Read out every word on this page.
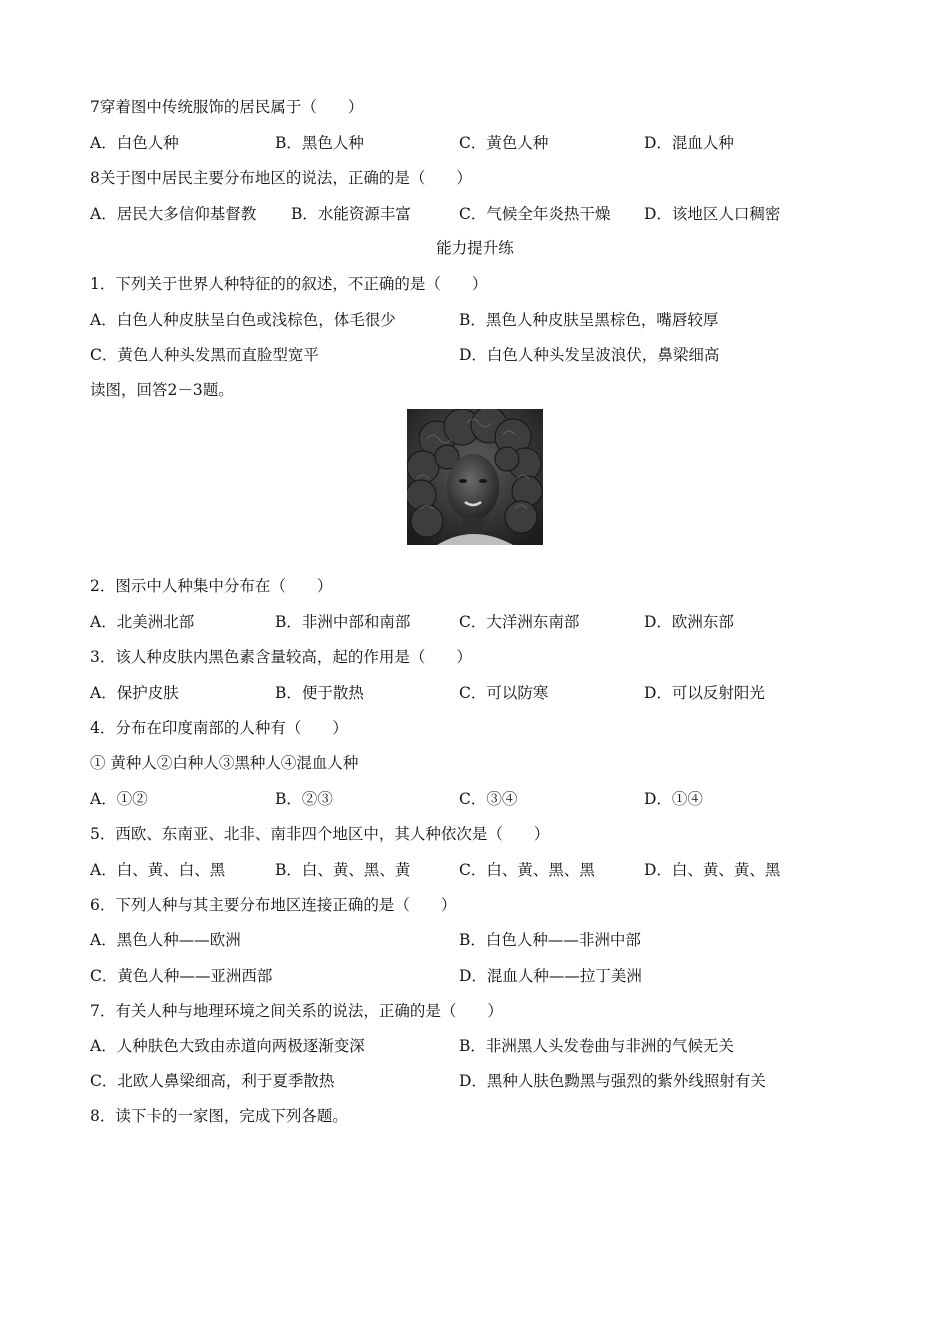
7穿着图中传统服饰的居民属于（　　）
A．白色人种	B．黑色人种	C．黄色人种	D．混血人种
8关于图中居民主要分布地区的说法，正确的是（　　）
A．居民大多信仰基督教 B．水能资源丰富	C．气候全年炎热干燥 D．该地区人口稠密
能力提升练
1．下列关于世界人种特征的的叙述，不正确的是（　　）
A．白色人种皮肤呈白色或浅棕色，体毛很少	B．黑色人种皮肤呈黑棕色，嘴唇较厚
C．黄色人种头发黑而直脸型宽平	D．白色人种头发呈波浪伏，鼻梁细高
读图，回答2－3题。
2．图示中人种集中分布在（　　）
A．北美洲北部	B．非洲中部和南部	C．大洋洲东南部	D．欧洲东部
3．该人种皮肤内黑色素含量较高，起的作用是（　　）
A．保护皮肤	B．便于散热	C．可以防寒	D．可以反射阳光
4．分布在印度南部的人种有（　　）
① 黄种人②白种人③黑种人④混血人种
A．①②	B．②③	C．③④	D．①④
5．西欧、东南亚、北非、南非四个地区中，其人种依次是（　　）
A．白、黄、白、黑	B．白、黄、黑、黄	C．白、黄、黑、黑	D．白、黄、黄、黑
6．下列人种与其主要分布地区连接正确的是（　　）
A．黑色人种——欧洲	B．白色人种——非洲中部
C．黄色人种——亚洲西部	D．混血人种——拉丁美洲
7．有关人种与地理环境之间关系的说法，正确的是（　　）
A．人种肤色大致由赤道向两极逐渐变深	B．非洲黑人头发卷曲与非洲的气候无关
C．北欧人鼻梁细高，利于夏季散热	D．黑种人肤色黝黑与强烈的紫外线照射有关
8．读下卡的一家图，完成下列各题。
